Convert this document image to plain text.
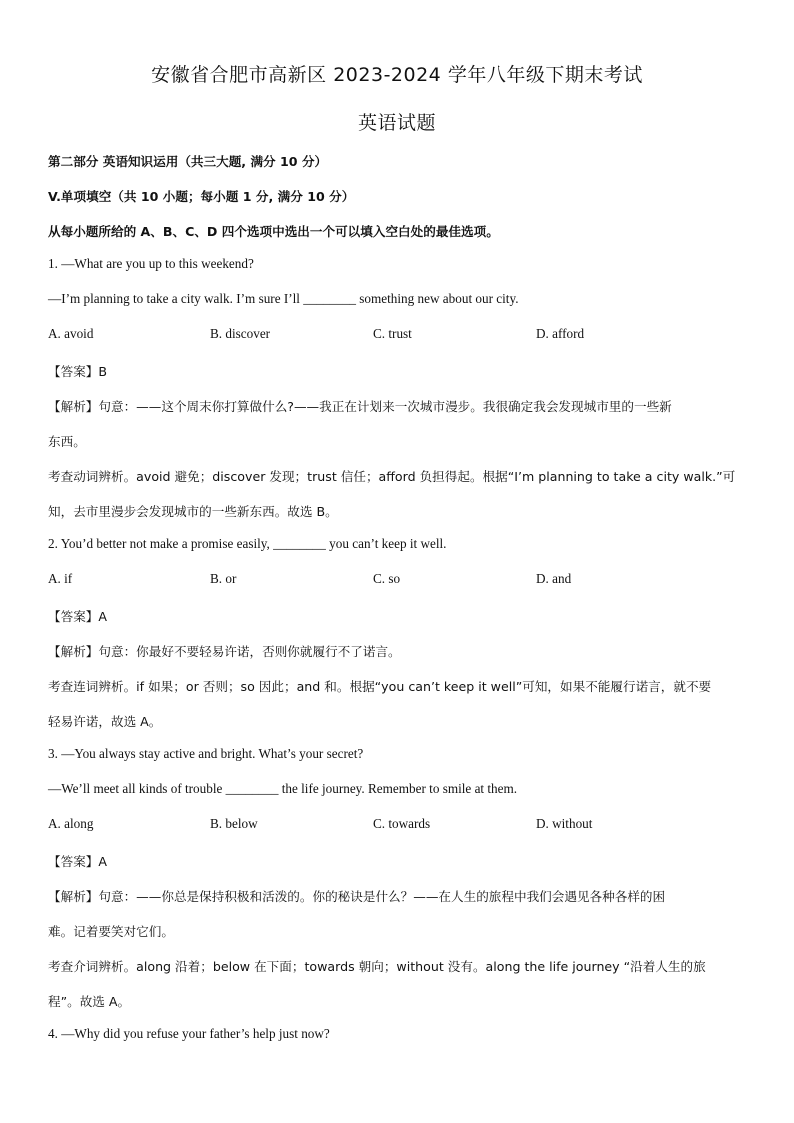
安徽省合肥市高新区 2023-2024 学年八年级下期末考试
英语试题
第二部分 英语知识运用（共三大题, 满分 10 分）
V.单项填空（共 10 小题；每小题 1 分, 满分 10 分）
从每小题所给的 A、B、C、D 四个选项中选出一个可以填入空白处的最佳选项。
1. —What are you up to this weekend?
—I’m planning to take a city walk. I’m sure I’ll ________ something new about our city.
A. avoid	B. discover	C. trust	D. afford
【答案】B
【解析】句意：——这个周末你打算做什么?——我正在计划来一次城市漫步。我很确定我会发现城市里的一些新
东西。
考查动词辨析。avoid 避免；discover 发现；trust 信任；afford 负担得起。根据“I’m planning to take a city walk.”可
知，去市里漫步会发现城市的一些新东西。故选 B。
2. You’d better not make a promise easily, ________ you can’t keep it well.
A. if	B. or	C. so	D. and
【答案】A
【解析】句意：你最好不要轻易许诺，否则你就履行不了诺言。
考查连词辨析。if 如果；or 否则；so 因此；and 和。根据“you can’t keep it well”可知，如果不能履行诺言，就不要
轻易许诺，故选 A。
3. —You always stay active and bright. What’s your secret?
—We’ll meet all kinds of trouble ________ the life journey. Remember to smile at them.
A. along	B. below	C. towards	D. without
【答案】A
【解析】句意：——你总是保持积极和活泼的。你的秘诀是什么？——在人生的旅程中我们会遇见各种各样的困
难。记着要笑对它们。
考查介词辨析。along 沿着；below 在下面；towards 朝向；without 没有。along the life journey “沿着人生的旅
程”。故选 A。
4. —Why did you refuse your father’s help just now?
